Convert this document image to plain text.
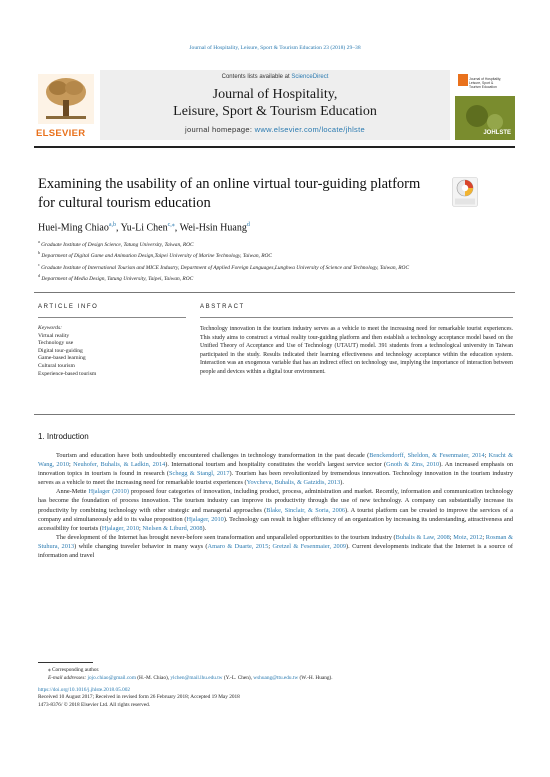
Journal of Hospitality, Leisure, Sport & Tourism Education 23 (2018) 29–38
ELSEVIER
Contents lists available at ScienceDirect
Journal of Hospitality,
Leisure, Sport & Tourism Education
journal homepage: www.elsevier.com/locate/jhlste
Journal of Hospitality,
Leisure, Sport &
Tourism Education
JOHLSTE
Examining the usability of an online virtual tour-guiding platform
for cultural tourism education
Huei-Ming Chiao$^{a,b}$, Yu-Li Chen$^{c,⁎}$, Wei-Hsin Huang$^d$
$^a$ Graduate Institute of Design Science, Tatung University, Taiwan, ROC
$^b$ Department of Digital Game and Animation Design,Taipei University of Marine Technology, Taiwan, ROC
$^c$ Graduate Institute of International Tourism and MICE Industry, Department of Applied Foreign Languages,Lunghwa University of Science and Technology, Taiwan, ROC
$^d$ Department of Media Design, Tatung University, Taipei, Taiwan, ROC
ARTICLE INFO	ABSTRACT
Keywords:
Virtual reality
Technology use
Digital tour-guiding
Game-based learning
Cultural tourism
Experience-based tourism
Technology innovation in the tourism industry serves as a vehicle to meet the increasing need for remarkable tourist experiences. This study aims to construct a virtual reality tour-guiding platform and then establish a technology acceptance model based on the Unified Theory of Acceptance and Use of Technology (UTAUT) model. 391 students from a technological university in Taiwan participated in the study. Results indicated their learning effectiveness and technology acceptance within the education system. Interaction was an exogenous variable that has an indirect effect on technology use, implying the importance of interaction between people and devices within a digital tour environment.
1. Introduction

Tourism and education have both undoubtedly encountered challenges in technology transformation in the past decade (Benckendorff, Sheldon, & Fesenmaier, 2014; Kracht & Wang, 2010; Neuhofer, Buhalis, & Ladkin, 2014). International tourism and hospitality constitutes the world's largest service sector (Gnoth & Zins, 2010). An increased emphasis on innovation topics in tourism is found in research (Schegg & Stangl, 2017). Tourism has been revolutionized by tremendous innovation. Technology innovation in the tourism industry serves as a vehicle to meet the increasing need for remarkable tourist experiences (Yovcheva, Buhalis, & Gatzidis, 2013).

Anne-Mette Hjalager (2010) proposed four categories of innovation, including product, process, administration and market. Recently, information and communication technology has become the foundation of process innovation. The tourism industry can improve its productivity through the use of new technology. A company can substantially increase its productivity by combining technology with other strategic and managerial approaches (Blake, Sinclair, & Soria, 2006). A tourist platform can be created to improve the services of a company and simultaneously add to its value proposition (Hjalager, 2010). Technology can result in higher efficiency of an organization by increasing its understanding, attractiveness and accessibility for tourists (Hjalager, 2010; Nielsen & Liburd, 2008).

The development of the Internet has brought never-before seen transformation and unparalleled opportunities to the tourism industry (Buhalis & Law, 2008; Moiz, 2012; Rosman & Stuhura, 2013) while changing traveler behavior in many ways (Amaro & Duarte, 2015; Gretzel & Fesenmaier, 2009). Current developments indicate that the Internet is a source of information and travel

⁎ Corresponding author.
E-mail addresses: jojo.chiao@gmail.com (H.-M. Chiao), ylchen@mail.lhu.edu.tw (Y.-L. Chen), wshuang@ttu.edu.tw (W.-H. Huang).
https://doi.org/10.1016/j.jhlste.2018.05.002
Received 10 August 2017; Received in revised form 26 February 2018; Accepted 19 May 2018
1473-8376/ © 2018 Elsevier Ltd. All rights reserved.
